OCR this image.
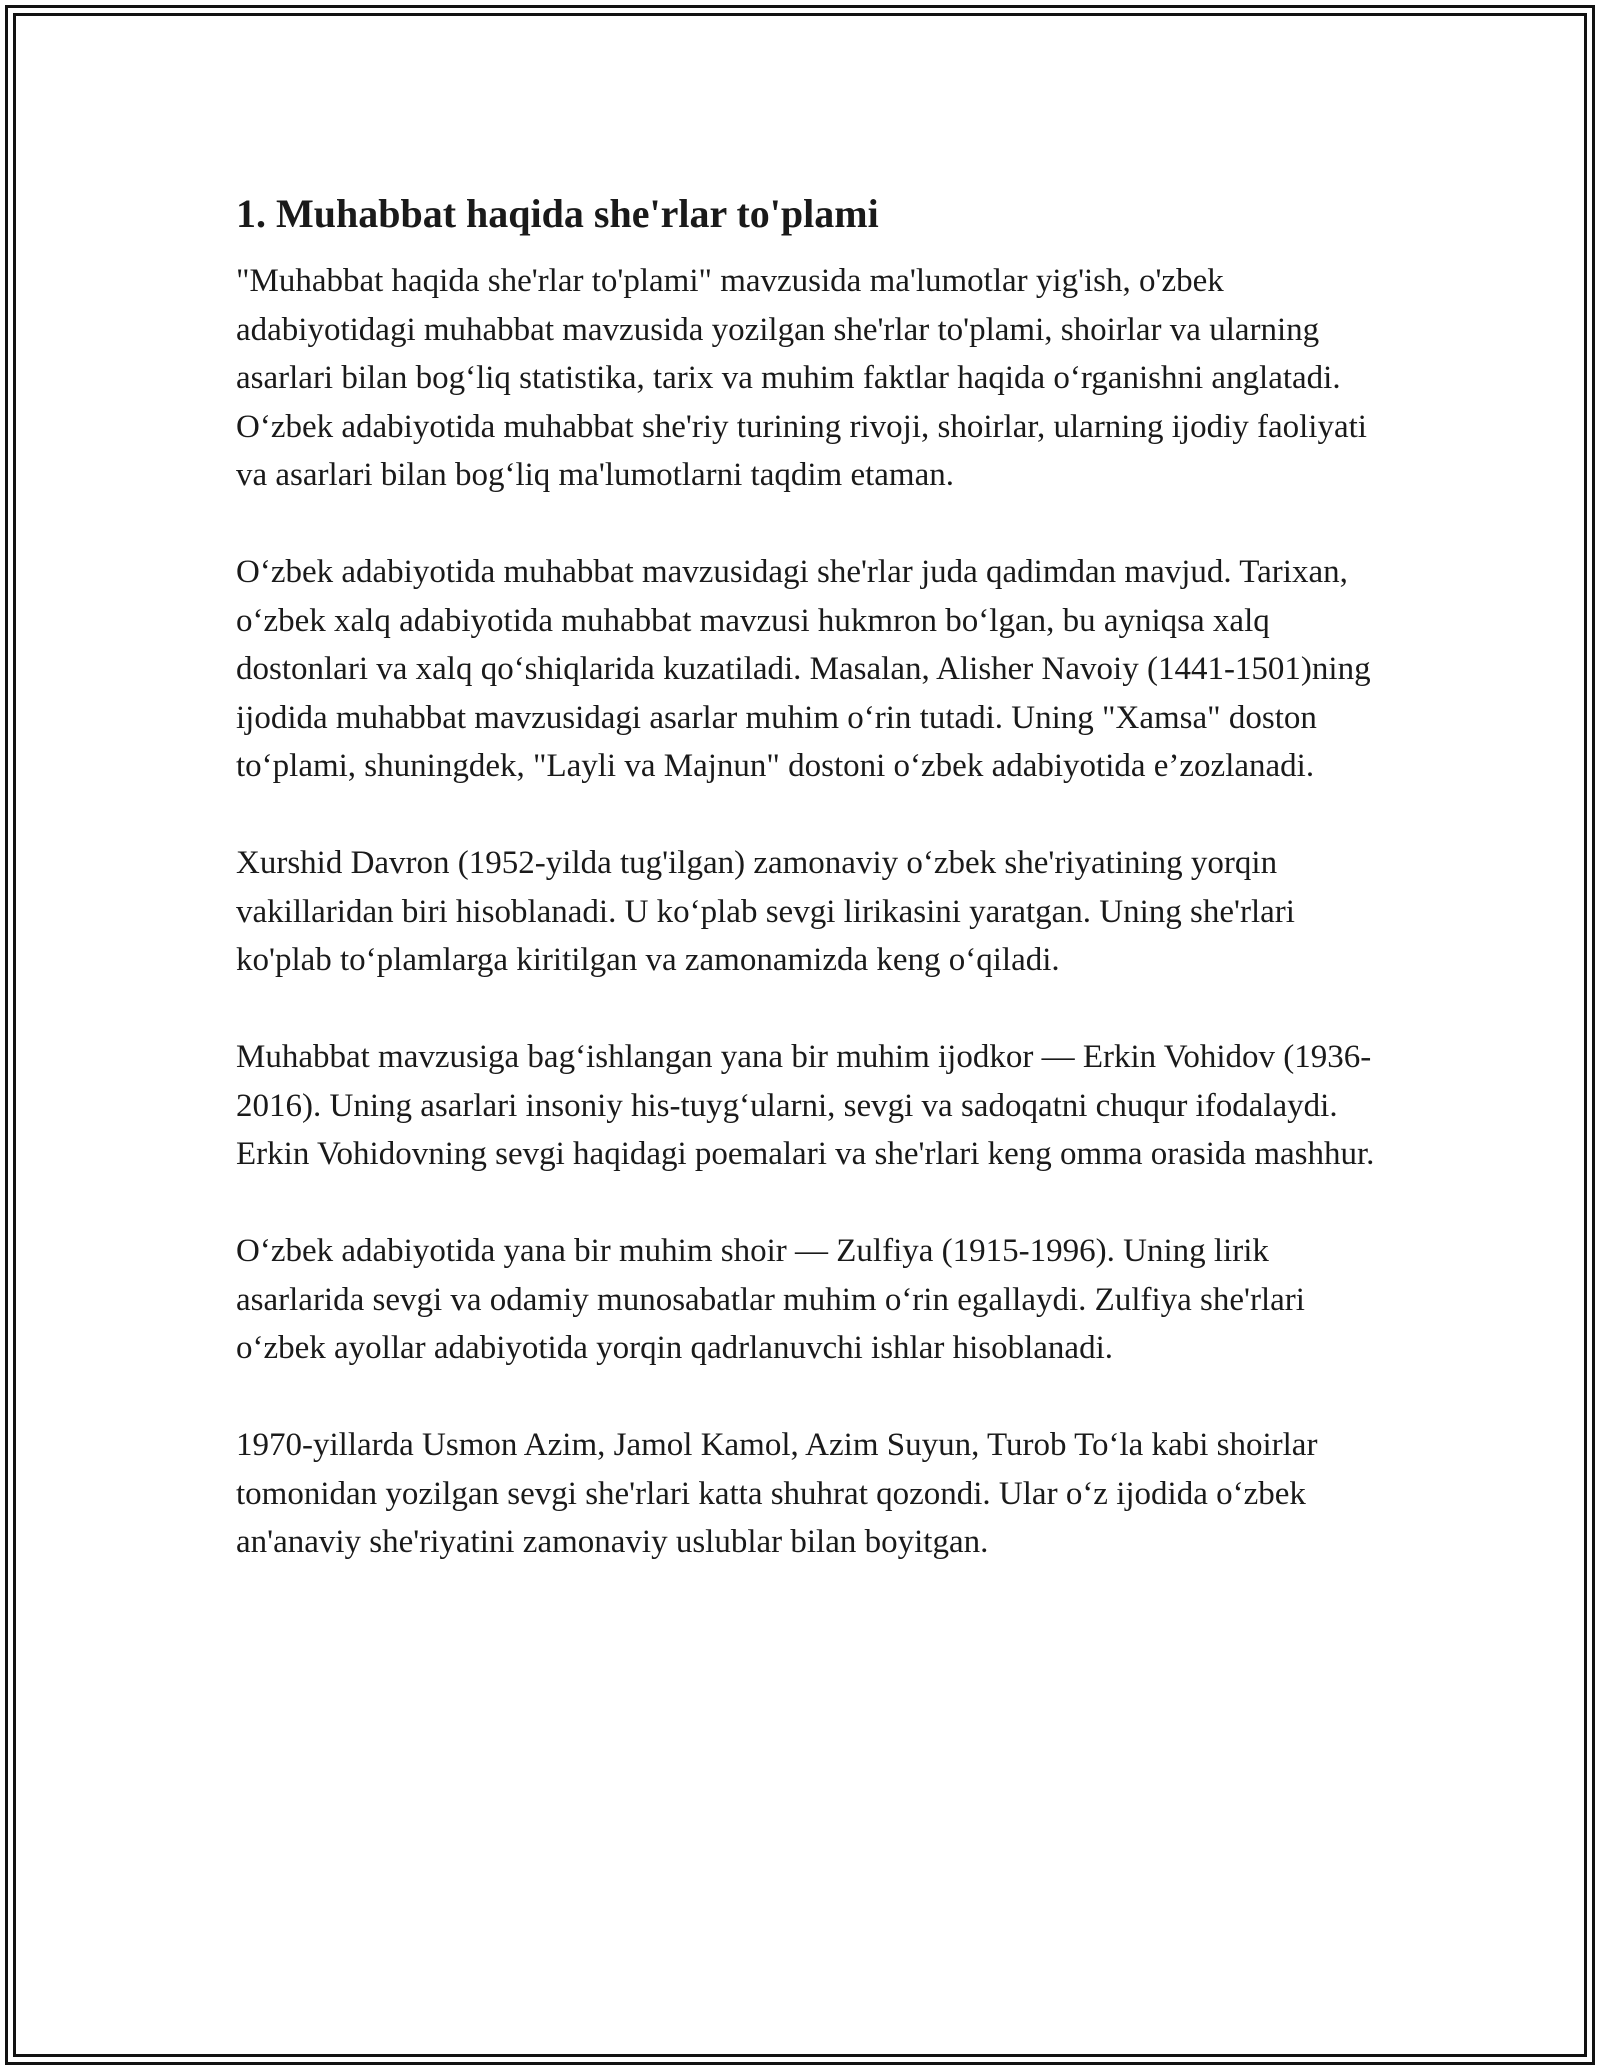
1. Muhabbat haqida she'rlar to'plami

"Muhabbat haqida she'rlar to'plami" mavzusida ma'lumotlar yig'ish, o'zbek adabiyotidagi muhabbat mavzusida yozilgan she'rlar to'plami, shoirlar va ularning asarlari bilan bog‘liq statistika, tarix va muhim faktlar haqida o‘rganishni anglatadi. O‘zbek adabiyotida muhabbat she'riy turining rivoji, shoirlar, ularning ijodiy faoliyati va asarlari bilan bog‘liq ma'lumotlarni taqdim etaman.

O‘zbek adabiyotida muhabbat mavzusidagi she'rlar juda qadimdan mavjud. Tarixan, o‘zbek xalq adabiyotida muhabbat mavzusi hukmron bo‘lgan, bu ayniqsa xalq dostonlari va xalq qo‘shiqlarida kuzatiladi. Masalan, Alisher Navoiy (1441-1501)ning ijodida muhabbat mavzusidagi asarlar muhim o‘rin tutadi. Uning "Xamsa" doston to‘plami, shuningdek, "Layli va Majnun" dostoni o‘zbek adabiyotida e’zozlanadi.

Xurshid Davron (1952-yilda tug'ilgan) zamonaviy o‘zbek she'riyatining yorqin vakillaridan biri hisoblanadi. U ko‘plab sevgi lirikasini yaratgan. Uning she'rlari ko'plab to‘plamlarga kiritilgan va zamonamizda keng o‘qiladi.

Muhabbat mavzusiga bag‘ishlangan yana bir muhim ijodkor — Erkin Vohidov (1936-2016). Uning asarlari insoniy his-tuyg‘ularni, sevgi va sadoqatni chuqur ifodalaydi. Erkin Vohidovning sevgi haqidagi poemalari va she'rlari keng omma orasida mashhur.

O‘zbek adabiyotida yana bir muhim shoir — Zulfiya (1915-1996). Uning lirik asarlarida sevgi va odamiy munosabatlar muhim o‘rin egallaydi. Zulfiya she'rlari o‘zbek ayollar adabiyotida yorqin qadrlanuvchi ishlar hisoblanadi.

1970-yillarda Usmon Azim, Jamol Kamol, Azim Suyun, Turob To‘la kabi shoirlar tomonidan yozilgan sevgi she'rlari katta shuhrat qozondi. Ular o‘z ijodida o‘zbek an'anaviy she'riyatini zamonaviy uslublar bilan boyitgan.
